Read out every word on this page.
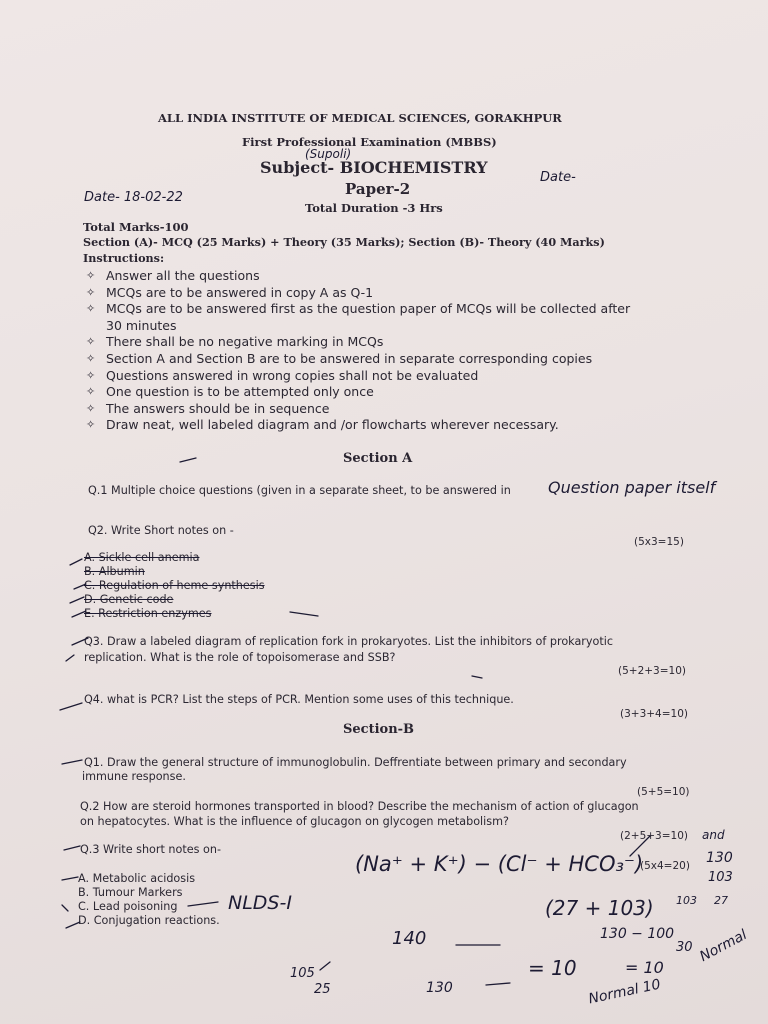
ALL INDIA INSTITUTE OF MEDICAL SCIENCES, GORAKHPUR
First Professional Examination (MBBS)
Subject- BIOCHEMISTRY
Paper-2
Total Duration -3 Hrs
Total Marks-100
Section (A)- MCQ (25 Marks) + Theory (35 Marks); Section (B)- Theory (40 Marks)
Instructions:
✧ Answer all the questions
✧ MCQs are to be answered in copy A as Q-1
✧ MCQs are to be answered first as the question paper of MCQs will be collected after
30 minutes
✧ There shall be no negative marking in MCQs
✧ Section A and Section B are to be answered in separate corresponding copies
✧ Questions answered in wrong copies shall not be evaluated
✧ One question is to be attempted only once
✧ The answers should be in sequence
✧ Draw neat, well labeled diagram and /or flowcharts wherever necessary.
Section A
Q.1 Multiple choice questions (given in a separate sheet, to be answered in
Q2. Write Short notes on -
(5x3=15)
A. Sickle cell anemia
B. Albumin
C. Regulation of heme synthesis
D. Genetic code
E. Restriction enzymes
Q3. Draw a labeled diagram of replication fork in prokaryotes. List the inhibitors of prokaryotic
replication. What is the role of topoisomerase and SSB?
(5+2+3=10)
Q4. what is PCR? List the steps of PCR. Mention some uses of this technique.
(3+3+4=10)
Section-B
Q1. Draw the general structure of immunoglobulin. Deffrentiate between primary and secondary
immune response.
(5+5=10)
Q.2 How are steroid hormones transported in blood? Describe the mechanism of action of glucagon
on hepatocytes. What is the influence of glucagon on glycogen metabolism?
(2+5+3=10)
Q.3 Write short notes on-
(5x4=20)
A. Metabolic acidosis
B. Tumour Markers
C. Lead poisoning
D. Conjugation reactions.
(Supoli)
Date- 18-02-22
Date-
Question paper itself
(Na⁺ + K⁺) − (Cl⁻ + HCO₃⁻)
NLDS-I	(27 + 103)
130 − 100
30
140
= 10	= 10
Normal
Normal 10
105
25	130
and
130
103
103 27
